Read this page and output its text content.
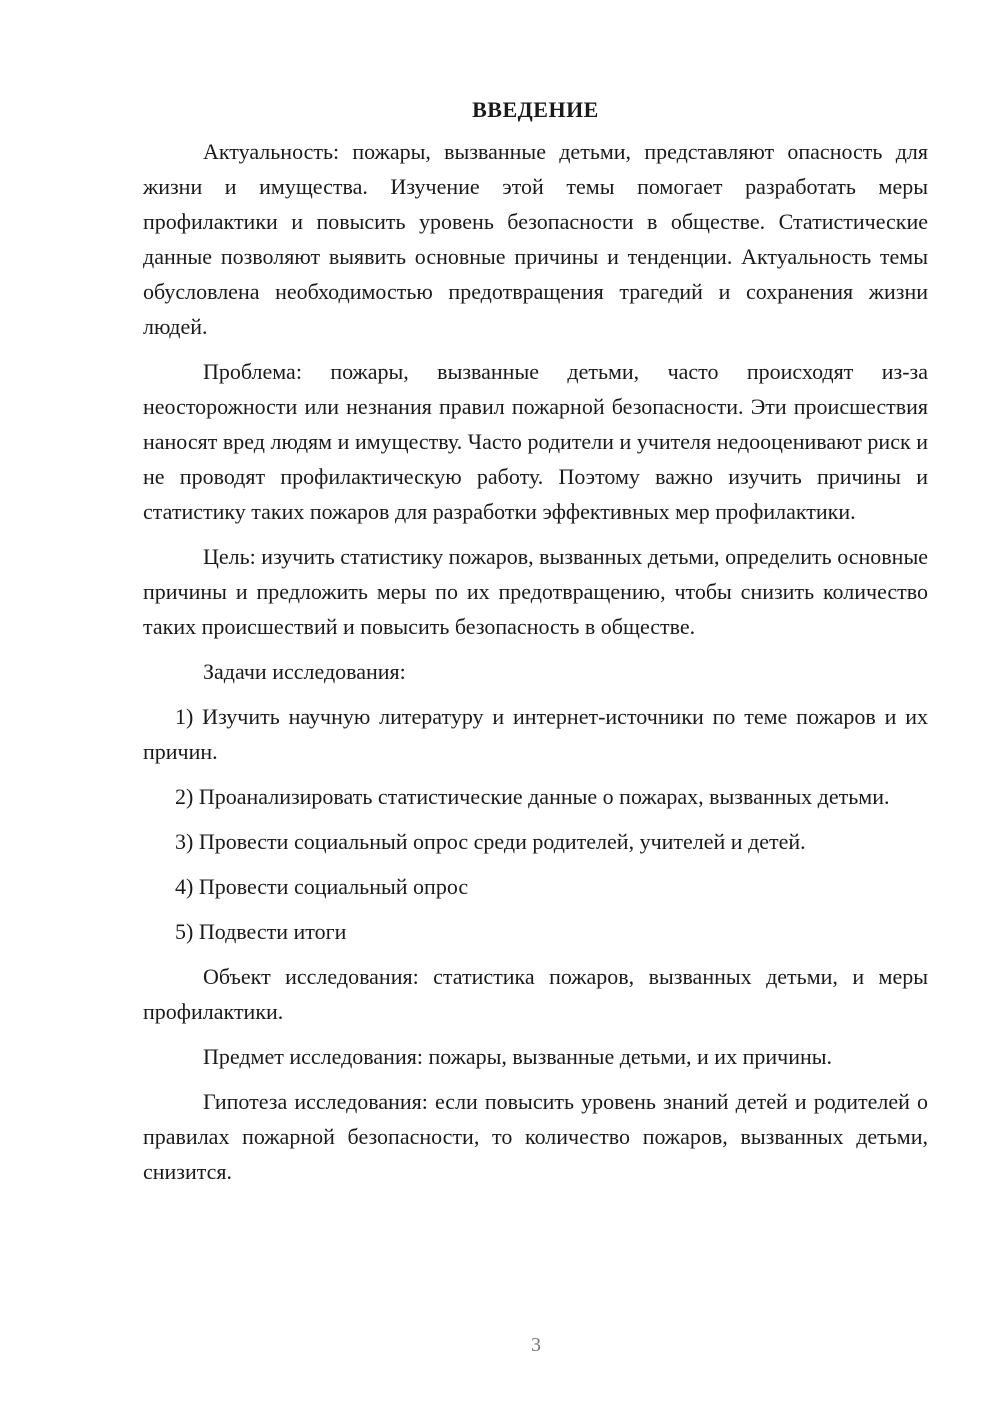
ВВЕДЕНИЕ

Актуальность: пожары, вызванные детьми, представляют опасность для жизни и имущества. Изучение этой темы помогает разработать меры профилактики и повысить уровень безопасности в обществе. Статистические данные позволяют выявить основные причины и тенденции. Актуальность темы обусловлена необходимостью предотвращения трагедий и сохранения жизни людей.

Проблема: пожары, вызванные детьми, часто происходят из-за неосторожности или незнания правил пожарной безопасности. Эти происшествия наносят вред людям и имуществу. Часто родители и учителя недооценивают риск и не проводят профилактическую работу. Поэтому важно изучить причины и статистику таких пожаров для разработки эффективных мер профилактики.

Цель: изучить статистику пожаров, вызванных детьми, определить основные причины и предложить меры по их предотвращению, чтобы снизить количество таких происшествий и повысить безопасность в обществе.

Задачи исследования:

1) Изучить научную литературу и интернет-источники по теме пожаров и их причин.

2) Проанализировать статистические данные о пожарах, вызванных детьми.

3) Провести социальный опрос среди родителей, учителей и детей.

4) Провести социальный опрос

5) Подвести итоги

Объект исследования: статистика пожаров, вызванных детьми, и меры профилактики.

Предмет исследования: пожары, вызванные детьми, и их причины.

Гипотеза исследования: если повысить уровень знаний детей и родителей о правилах пожарной безопасности, то количество пожаров, вызванных детьми, снизится.

3
